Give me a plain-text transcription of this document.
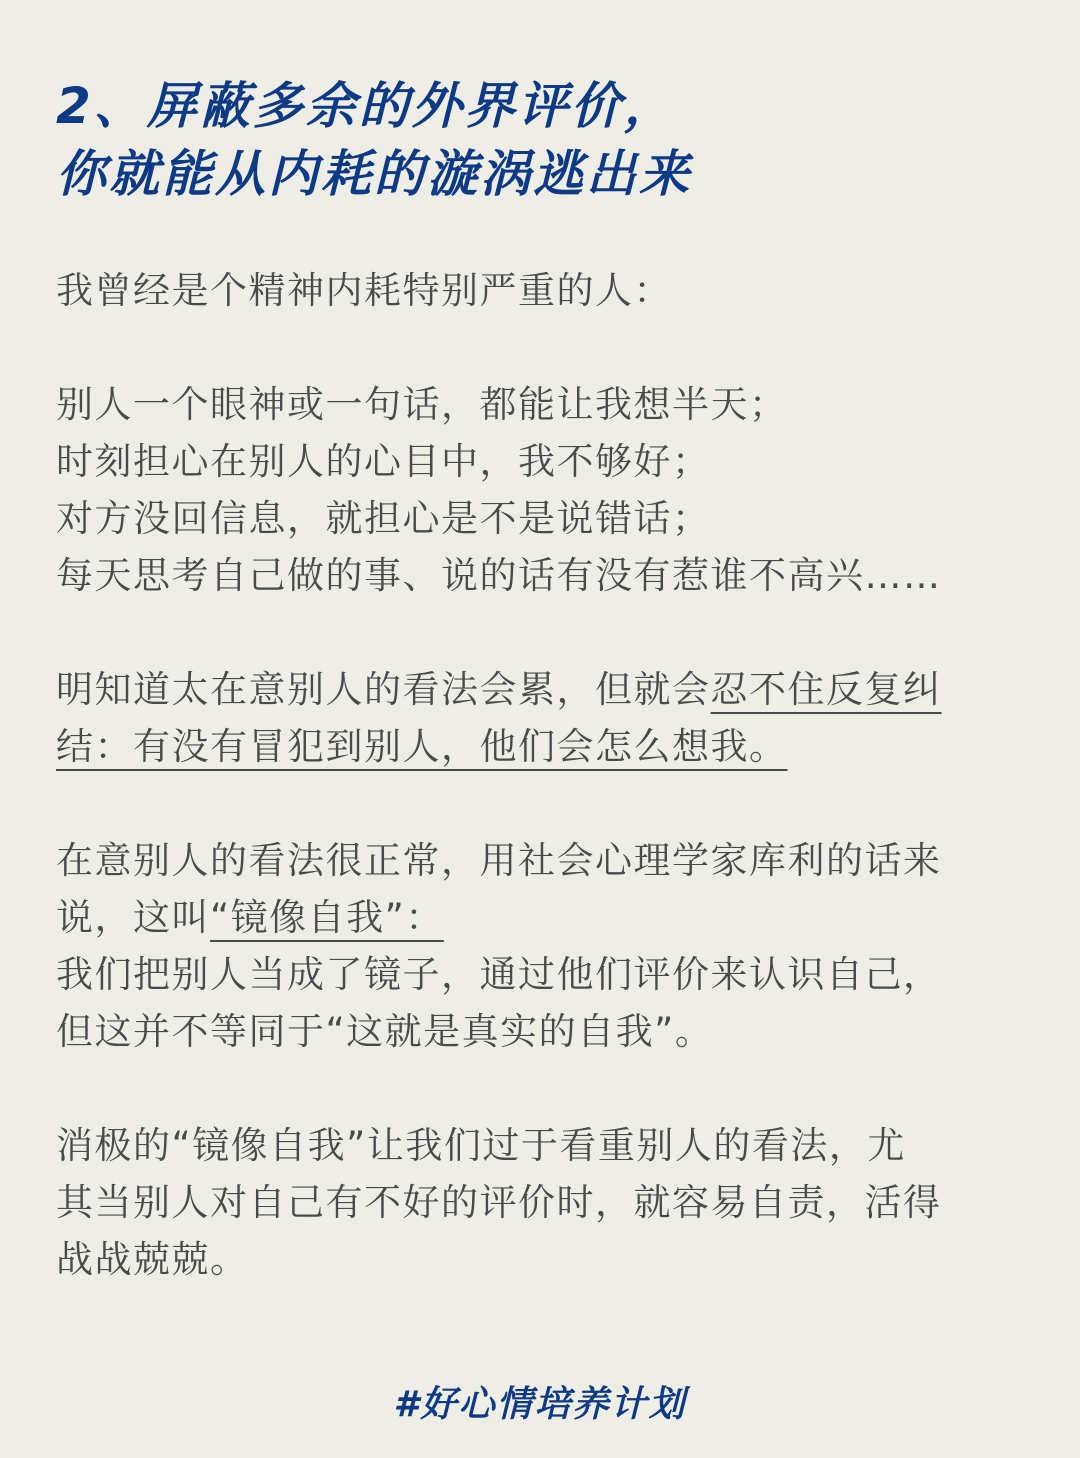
2、屏蔽多余的外界评价，
你就能从内耗的漩涡逃出来

我曾经是个精神内耗特别严重的人：

别人一个眼神或一句话，都能让我想半天；
时刻担心在别人的心目中，我不够好；
对方没回信息，就担心是不是说错话；
每天思考自己做的事、说的话有没有惹谁不高兴……

明知道太在意别人的看法会累，但就会忍不住反复纠
结：有没有冒犯到别人，他们会怎么想我。

在意别人的看法很正常，用社会心理学家库利的话来
说，这叫“镜像自我”：
我们把别人当成了镜子，通过他们评价来认识自己，
但这并不等同于“这就是真实的自我”。

消极的“镜像自我”让我们过于看重别人的看法，尤
其当别人对自己有不好的评价时，就容易自责，活得
战战兢兢。

#好心情培养计划
